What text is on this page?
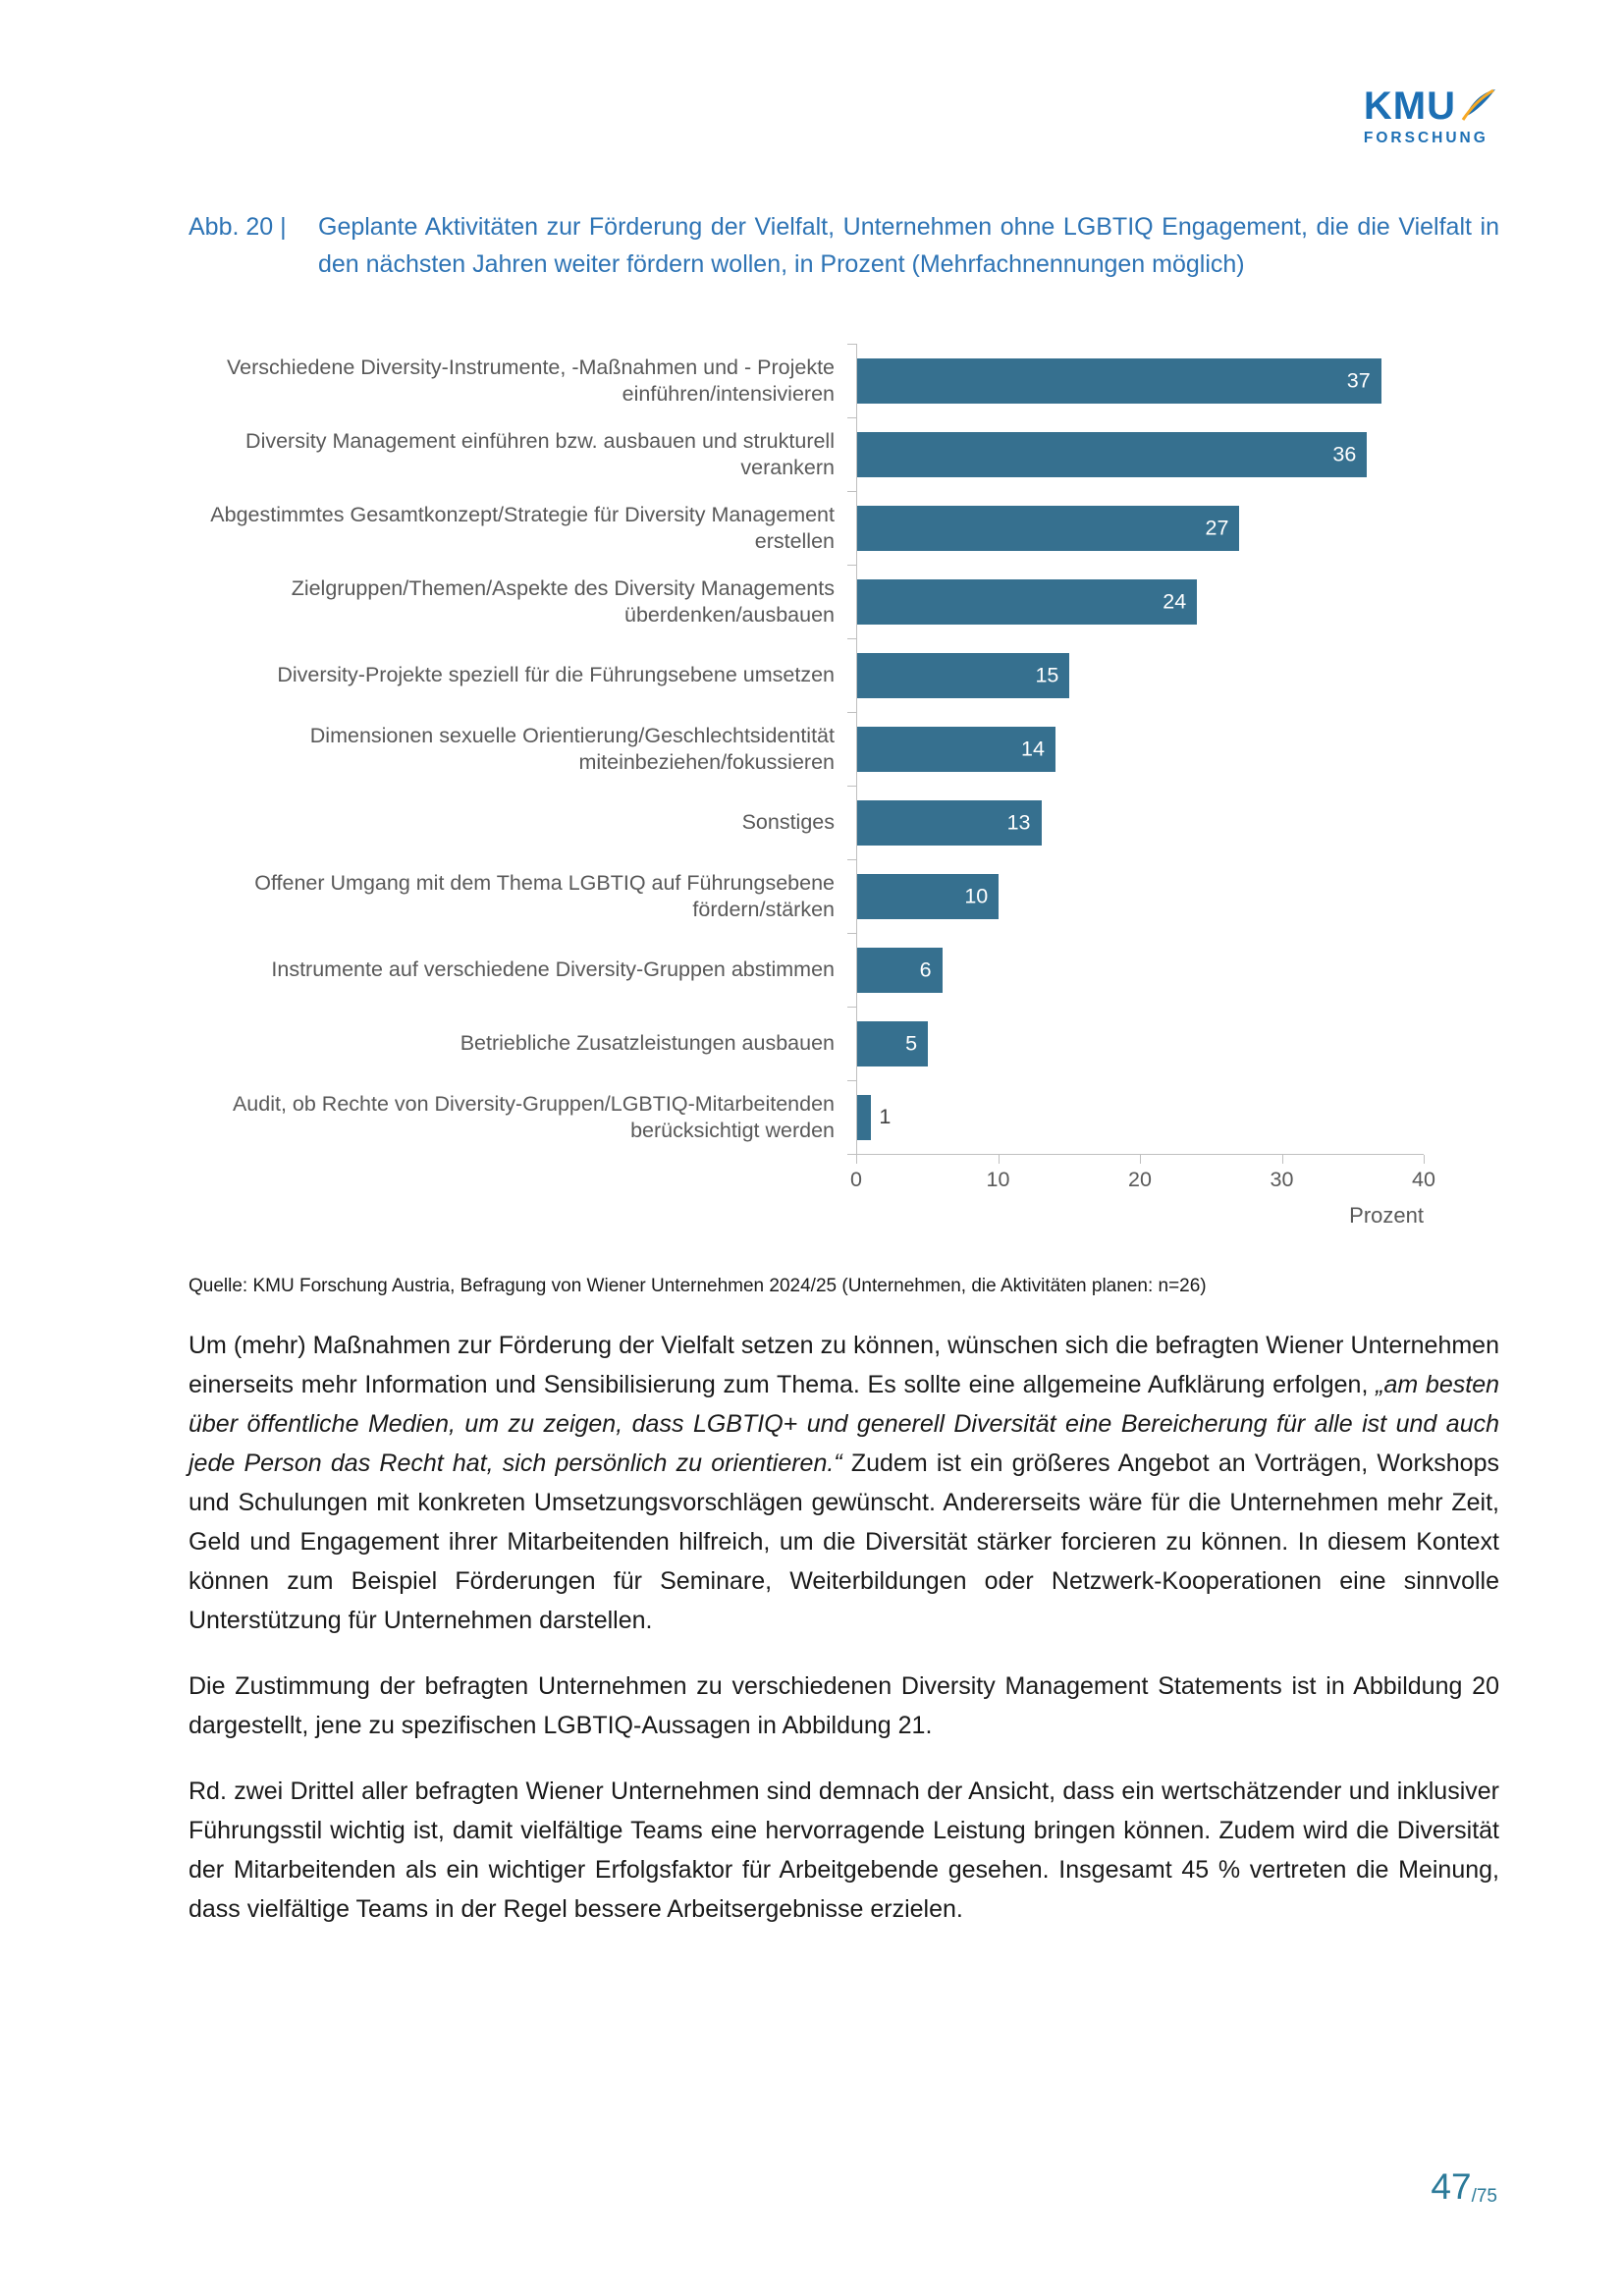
KMU
FORSCHUNG
Abb. 20 |	Geplante Aktivitäten zur Förderung der Vielfalt, Unternehmen ohne LGBTIQ Engagement, die die Vielfalt in den nächsten Jahren weiter fördern wollen, in Prozent (Mehrfachnennungen möglich)
Verschiedene Diversity-Instrumente, -Maßnahmen und - Projekte einführen/intensivieren
37
Diversity Management einführen bzw. ausbauen und strukturell verankern
36
Abgestimmtes Gesamtkonzept/Strategie für Diversity Management erstellen
27
Zielgruppen/Themen/Aspekte des Diversity Managements überdenken/ausbauen
24
Diversity-Projekte speziell für die Führungsebene umsetzen	15
Dimensionen sexuelle Orientierung/Geschlechtsidentität miteinbeziehen/fokussieren
14
Sonstiges	13
Offener Umgang mit dem Thema LGBTIQ auf Führungsebene fördern/stärken
10
Instrumente auf verschiedene Diversity-Gruppen abstimmen	6
Betriebliche Zusatzleistungen ausbauen	5
Audit, ob Rechte von Diversity-Gruppen/LGBTIQ-Mitarbeitenden berücksichtigt werden
1
0	10	20	30	40
Prozent

Quelle: KMU Forschung Austria, Befragung von Wiener Unternehmen 2024/25 (Unternehmen, die Aktivitäten planen: n=26)

Um (mehr) Maßnahmen zur Förderung der Vielfalt setzen zu können, wünschen sich die befragten Wiener Unternehmen einerseits mehr Information und Sensibilisierung zum Thema. Es sollte eine allgemeine Aufklärung erfolgen, „am besten über öffentliche Medien, um zu zeigen, dass LGBTIQ+ und generell Diversität eine Bereicherung für alle ist und auch jede Person das Recht hat, sich persönlich zu orientieren.“ Zudem ist ein größeres Angebot an Vorträgen, Workshops und Schulungen mit konkreten Umsetzungsvorschlägen gewünscht. Andererseits wäre für die Unternehmen mehr Zeit, Geld und Engagement ihrer Mitarbeitenden hilfreich, um die Diversität stärker forcieren zu können. In diesem Kontext können zum Beispiel Förderungen für Seminare, Weiterbildungen oder Netzwerk-Kooperationen eine sinnvolle Unterstützung für Unternehmen darstellen.

Die Zustimmung der befragten Unternehmen zu verschiedenen Diversity Management Statements ist in Abbildung 20 dargestellt, jene zu spezifischen LGBTIQ-Aussagen in Abbildung 21.

Rd. zwei Drittel aller befragten Wiener Unternehmen sind demnach der Ansicht, dass ein wertschätzender und inklusiver Führungsstil wichtig ist, damit vielfältige Teams eine hervorragende Leistung bringen können. Zudem wird die Diversität der Mitarbeitenden als ein wichtiger Erfolgsfaktor für Arbeitgebende gesehen. Insgesamt 45 % vertreten die Meinung, dass vielfältige Teams in der Regel bessere Arbeitsergebnisse erzielen.

47/75
